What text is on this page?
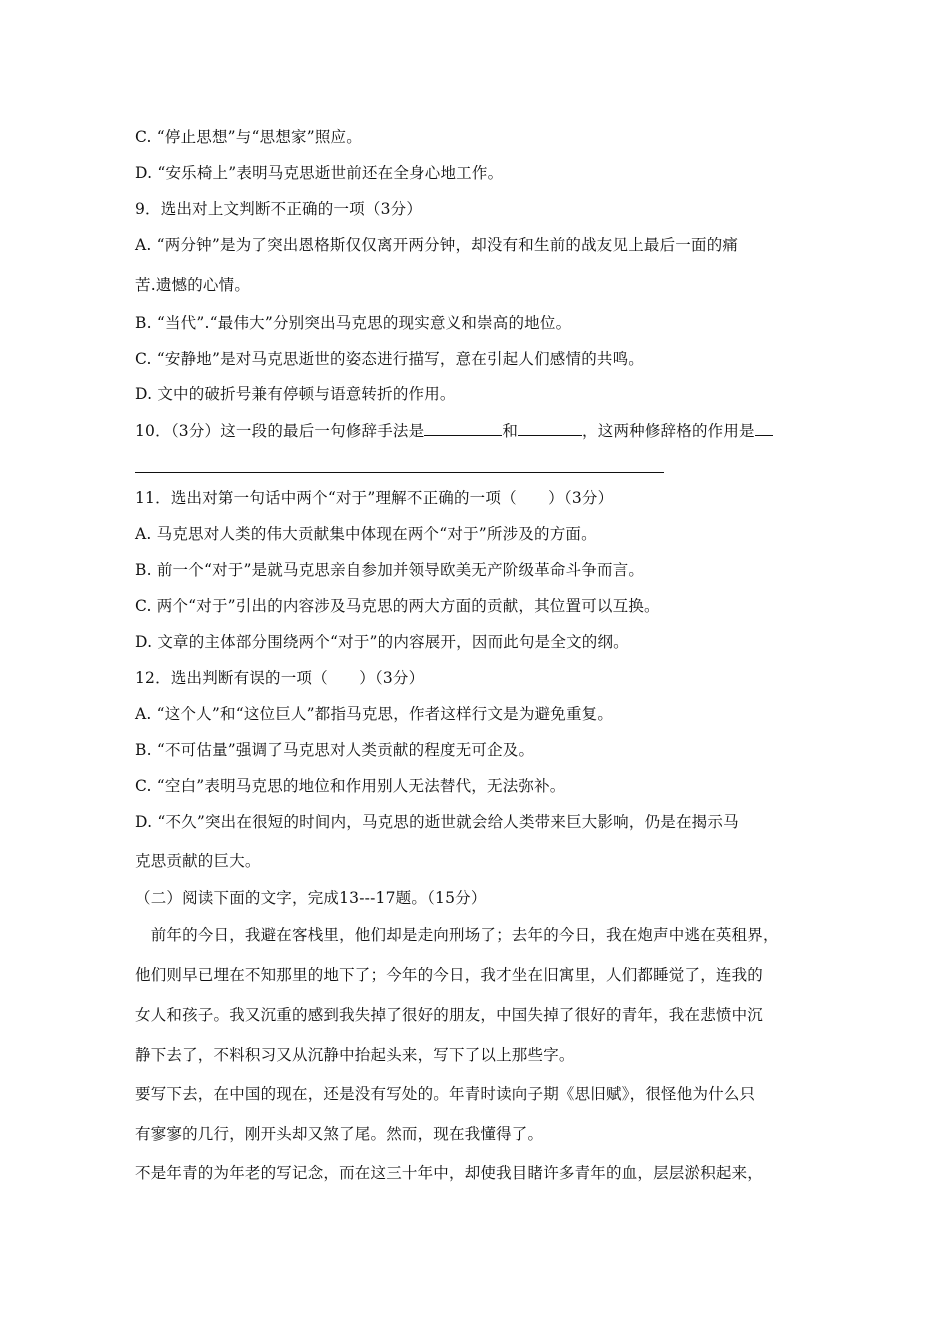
C. “停止思想”与“思想家”照应。
D. “安乐椅上”表明马克思逝世前还在全身心地工作。
9．选出对上文判断不正确的一项（3分）
A. “两分钟”是为了突出恩格斯仅仅离开两分钟，却没有和生前的战友见上最后一面的痛
苦.遗憾的心情。
B. “当代”.“最伟大”分别突出马克思的现实意义和崇高的地位。
C. “安静地”是对马克思逝世的姿态进行描写，意在引起人们感情的共鸣。
D. 文中的破折号兼有停顿与语意转折的作用。
10．（3分）这一段的最后一句修辞手法是	和	，这两种修辞格的作用是
11．选出对第一句话中两个“对于”理解不正确的一项（　　）（3分）
A. 马克思对人类的伟大贡献集中体现在两个“对于”所涉及的方面。
B. 前一个“对于”是就马克思亲自参加并领导欧美无产阶级革命斗争而言。
C. 两个“对于”引出的内容涉及马克思的两大方面的贡献，其位置可以互换。
D. 文章的主体部分围绕两个“对于”的内容展开，因而此句是全文的纲。
12．选出判断有误的一项（　　）（3分）
A. “这个人”和“这位巨人”都指马克思，作者这样行文是为避免重复。
B. “不可估量”强调了马克思对人类贡献的程度无可企及。
C. “空白”表明马克思的地位和作用别人无法替代，无法弥补。
D. “不久”突出在很短的时间内，马克思的逝世就会给人类带来巨大影响，仍是在揭示马
克思贡献的巨大。
（二）阅读下面的文字，完成13---17题。（15分）
　前年的今日，我避在客栈里，他们却是走向刑场了；去年的今日，我在炮声中逃在英租界，
他们则早已埋在不知那里的地下了；今年的今日，我才坐在旧寓里，人们都睡觉了，连我的
女人和孩子。我又沉重的感到我失掉了很好的朋友，中国失掉了很好的青年，我在悲愤中沉
静下去了，不料积习又从沉静中抬起头来，写下了以上那些字。
要写下去，在中国的现在，还是没有写处的。年青时读向子期《思旧赋》，很怪他为什么只
有寥寥的几行，刚开头却又煞了尾。然而，现在我懂得了。
不是年青的为年老的写记念，而在这三十年中，却使我目睹许多青年的血，层层淤积起来，
